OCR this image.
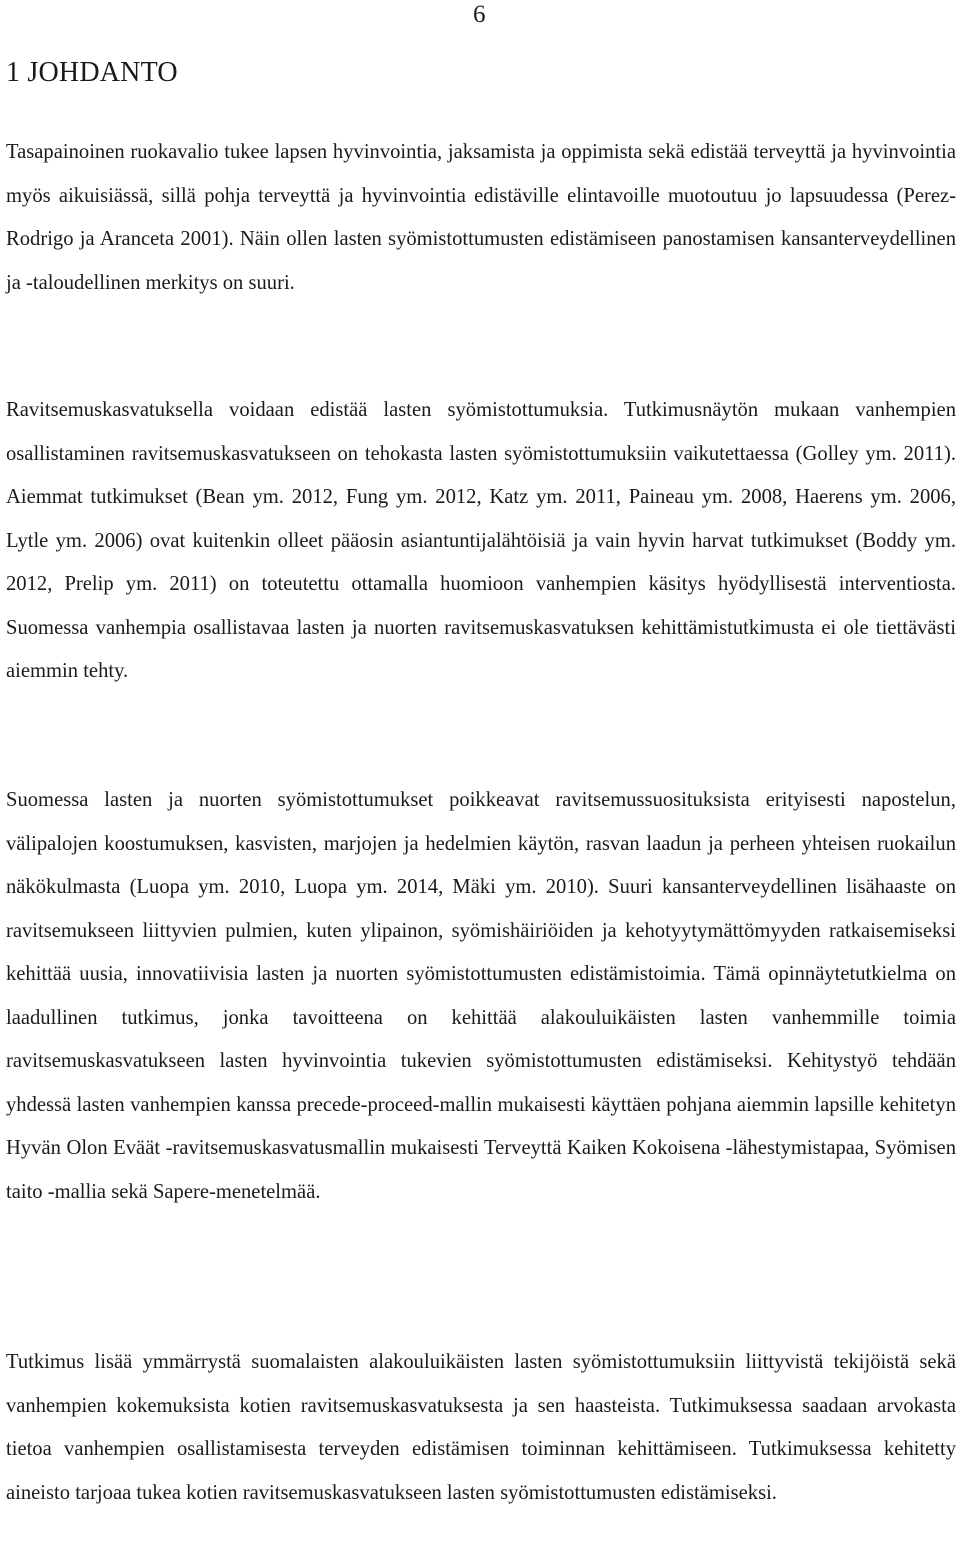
6
1 JOHDANTO

Tasapainoinen ruokavalio tukee lapsen hyvinvointia, jaksamista ja oppimista sekä edistää terveyttä ja hyvinvointia myös aikuisiässä, sillä pohja terveyttä ja hyvinvointia edistäville elintavoille muotoutuu jo lapsuudessa (Perez-Rodrigo ja Aranceta 2001). Näin ollen lasten syömistottumusten edistämiseen panostamisen kansanterveydellinen ja -taloudellinen merkitys on suuri.

Ravitsemuskasvatuksella voidaan edistää lasten syömistottumuksia. Tutkimusnäytön mukaan vanhempien osallistaminen ravitsemuskasvatukseen on tehokasta lasten syömistottumuksiin vaikutettaessa (Golley ym. 2011). Aiemmat tutkimukset (Bean ym. 2012, Fung ym. 2012, Katz ym. 2011, Paineau ym. 2008, Haerens ym. 2006, Lytle ym. 2006) ovat kuitenkin olleet pääosin asiantuntijalähtöisiä ja vain hyvin harvat tutkimukset (Boddy ym. 2012, Prelip ym. 2011) on toteutettu ottamalla huomioon vanhempien käsitys hyödyllisestä interventiosta. Suomessa vanhempia osallistavaa lasten ja nuorten ravitsemuskasvatuksen kehittämistutkimusta ei ole tiettävästi aiemmin tehty.

Suomessa lasten ja nuorten syömistottumukset poikkeavat ravitsemussuosituksista erityisesti napostelun, välipalojen koostumuksen, kasvisten, marjojen ja hedelmien käytön, rasvan laadun ja perheen yhteisen ruokailun näkökulmasta (Luopa ym. 2010, Luopa ym. 2014, Mäki ym. 2010). Suuri kansanterveydellinen lisähaaste on ravitsemukseen liittyvien pulmien, kuten ylipainon, syömishäiriöiden ja kehotyytymättömyyden ratkaisemiseksi kehittää uusia, innovatiivisia lasten ja nuorten syömistottumusten edistämistoimia. Tämä opinnäytetutkielma on laadullinen tutkimus, jonka tavoitteena on kehittää alakouluikäisten lasten vanhemmille toimia ravitsemuskasvatukseen lasten hyvinvointia tukevien syömistottumusten edistämiseksi. Kehitystyö tehdään yhdessä lasten vanhempien kanssa precede-proceed-mallin mukaisesti käyttäen pohjana aiemmin lapsille kehitetyn Hyvän Olon Eväät -ravitsemuskasvatusmallin mukaisesti Terveyttä Kaiken Kokoisena -lähestymistapaa, Syömisen taito -mallia sekä Sapere-menetelmää.

Tutkimus lisää ymmärrystä suomalaisten alakouluikäisten lasten syömistottumuksiin liittyvistä tekijöistä sekä vanhempien kokemuksista kotien ravitsemuskasvatuksesta ja sen haasteista. Tutkimuksessa saadaan arvokasta tietoa vanhempien osallistamisesta terveyden edistämisen toiminnan kehittämiseen. Tutkimuksessa kehitetty aineisto tarjoaa tukea kotien ravitsemuskasvatukseen lasten syömistottumusten edistämiseksi.
